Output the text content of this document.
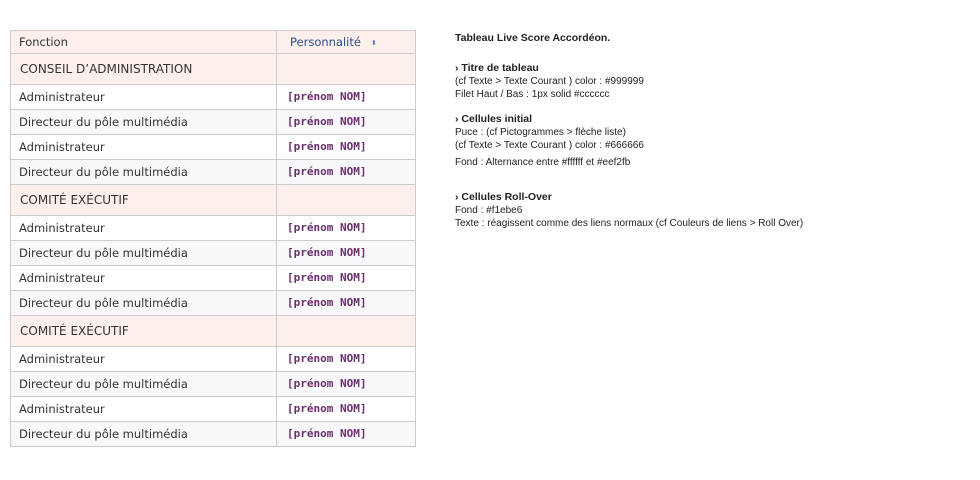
Fonction	Personnalité ⬍
CONSEIL D’ADMINISTRATION	
Administrateur	[prénom NOM]
Directeur du pôle multimédia	[prénom NOM]
Administrateur	[prénom NOM]
Directeur du pôle multimédia	[prénom NOM]
COMITÉ EXÉCUTIF	
Administrateur	[prénom NOM]
Directeur du pôle multimédia	[prénom NOM]
Administrateur	[prénom NOM]
Directeur du pôle multimédia	[prénom NOM]
COMITÉ EXÉCUTIF	
Administrateur	[prénom NOM]
Directeur du pôle multimédia	[prénom NOM]
Administrateur	[prénom NOM]
Directeur du pôle multimédia	[prénom NOM]
Tableau Live Score Accordéon.
› Titre de tableau
(cf Texte > Texte Courant ) color : #999999
Filet Haut / Bas : 1px solid #cccccc
› Cellules initial
Puce : (cf Pictogrammes > flèche liste)
(cf Texte > Texte Courant ) color : #666666
Fond : Alternance entre #ffffff et #eef2fb
› Cellules Roll-Over
Fond : #f1ebe6
Texte : réagissent comme des liens normaux (cf Couleurs de liens > Roll Over)
